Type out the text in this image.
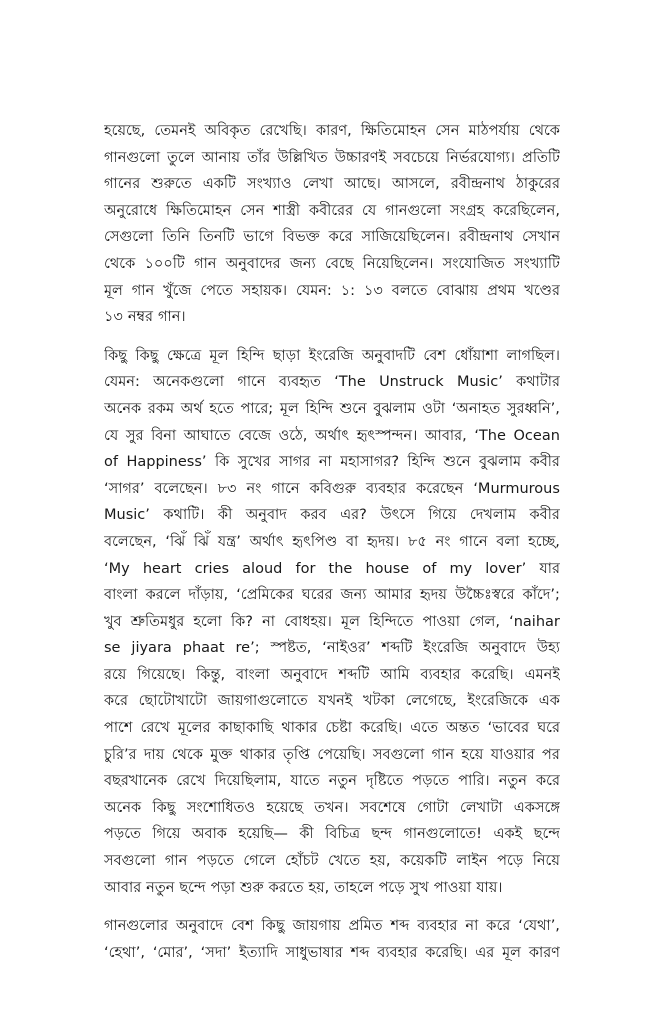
হয়েছে, তেমনই অবিকৃত রেখেছি। কারণ, ক্ষিতিমোহন সেন মাঠপর্যায় থেকে
গানগুলো তুলে আনায় তাঁর উল্লিখিত উচ্চারণই সবচেয়ে নির্ভরযোগ্য। প্রতিটি
গানের শুরুতে একটি সংখ্যাও লেখা আছে। আসলে, রবীন্দ্রনাথ ঠাকুরের
অনুরোধে ক্ষিতিমোহন সেন শাস্ত্রী কবীরের যে গানগুলো সংগ্রহ করেছিলেন,
সেগুলো তিনি তিনটি ভাগে বিভক্ত করে সাজিয়েছিলেন। রবীন্দ্রনাথ সেখান
থেকে ১০০টি গান অনুবাদের জন্য বেছে নিয়েছিলেন। সংযোজিত সংখ্যাটি
মূল গান খুঁজে পেতে সহায়ক। যেমন: ১: ১৩ বলতে বোঝায় প্রথম খণ্ডের
১৩ নম্বর গান।
কিছু কিছু ক্ষেত্রে মূল হিন্দি ছাড়া ইংরেজি অনুবাদটি বেশ ধোঁয়াশা লাগছিল।
যেমন: অনেকগুলো গানে ব্যবহৃত ‘The Unstruck Music’ কথাটার
অনেক রকম অর্থ হতে পারে; মূল হিন্দি শুনে বুঝলাম ওটা ‘অনাহত সুরধ্বনি’,
যে সুর বিনা আঘাতে বেজে ওঠে, অর্থাৎ হৃৎস্পন্দন। আবার, ‘The Ocean
of Happiness’ কি সুখের সাগর না মহাসাগর? হিন্দি শুনে বুঝলাম কবীর
‘সাগর’ বলেছেন। ৮৩ নং গানে কবিগুরু ব্যবহার করেছেন ‘Murmurous
Music’ কথাটি। কী অনুবাদ করব এর? উৎসে গিয়ে দেখলাম কবীর
বলেছেন, ‘ঝিঁ ঝিঁ যন্ত্র’ অর্থাৎ হৃৎপিণ্ড বা হৃদয়। ৮৫ নং গানে বলা হচ্ছে,
‘My heart cries aloud for the house of my lover’ যার
বাংলা করলে দাঁড়ায়, ‘প্রেমিকের ঘরের জন্য আমার হৃদয় উচ্চৈঃস্বরে কাঁদে’;
খুব শ্রুতিমধুর হলো কি? না বোধহয়। মূল হিন্দিতে পাওয়া গেল, ‘naihar
se jiyara phaat re’; স্পষ্টত, ‘নাইওর’ শব্দটি ইংরেজি অনুবাদে উহ্য
রয়ে গিয়েছে। কিন্তু, বাংলা অনুবাদে শব্দটি আমি ব্যবহার করেছি। এমনই
করে ছোটোখাটো জায়গাগুলোতে যখনই খটকা লেগেছে, ইংরেজিকে এক
পাশে রেখে মূলের কাছাকাছি থাকার চেষ্টা করেছি। এতে অন্তত ‘ভাবের ঘরে
চুরি’র দায় থেকে মুক্ত থাকার তৃপ্তি পেয়েছি। সবগুলো গান হয়ে যাওয়ার পর
বছরখানেক রেখে দিয়েছিলাম, যাতে নতুন দৃষ্টিতে পড়তে পারি। নতুন করে
অনেক কিছু সংশোধিতও হয়েছে তখন। সবশেষে গোটা লেখাটা একসঙ্গে
পড়তে গিয়ে অবাক হয়েছি— কী বিচিত্র ছন্দ গানগুলোতে! একই ছন্দে
সবগুলো গান পড়তে গেলে হোঁচট খেতে হয়, কয়েকটি লাইন পড়ে নিয়ে
আবার নতুন ছন্দে পড়া শুরু করতে হয়, তাহলে পড়ে সুখ পাওয়া যায়।
গানগুলোর অনুবাদে বেশ কিছু জায়গায় প্রমিত শব্দ ব্যবহার না করে ‘যেথা’,
‘হেথা’, ‘মোর’, ‘সদা’ ইত্যাদি সাধুভাষার শব্দ ব্যবহার করেছি। এর মূল কারণ
